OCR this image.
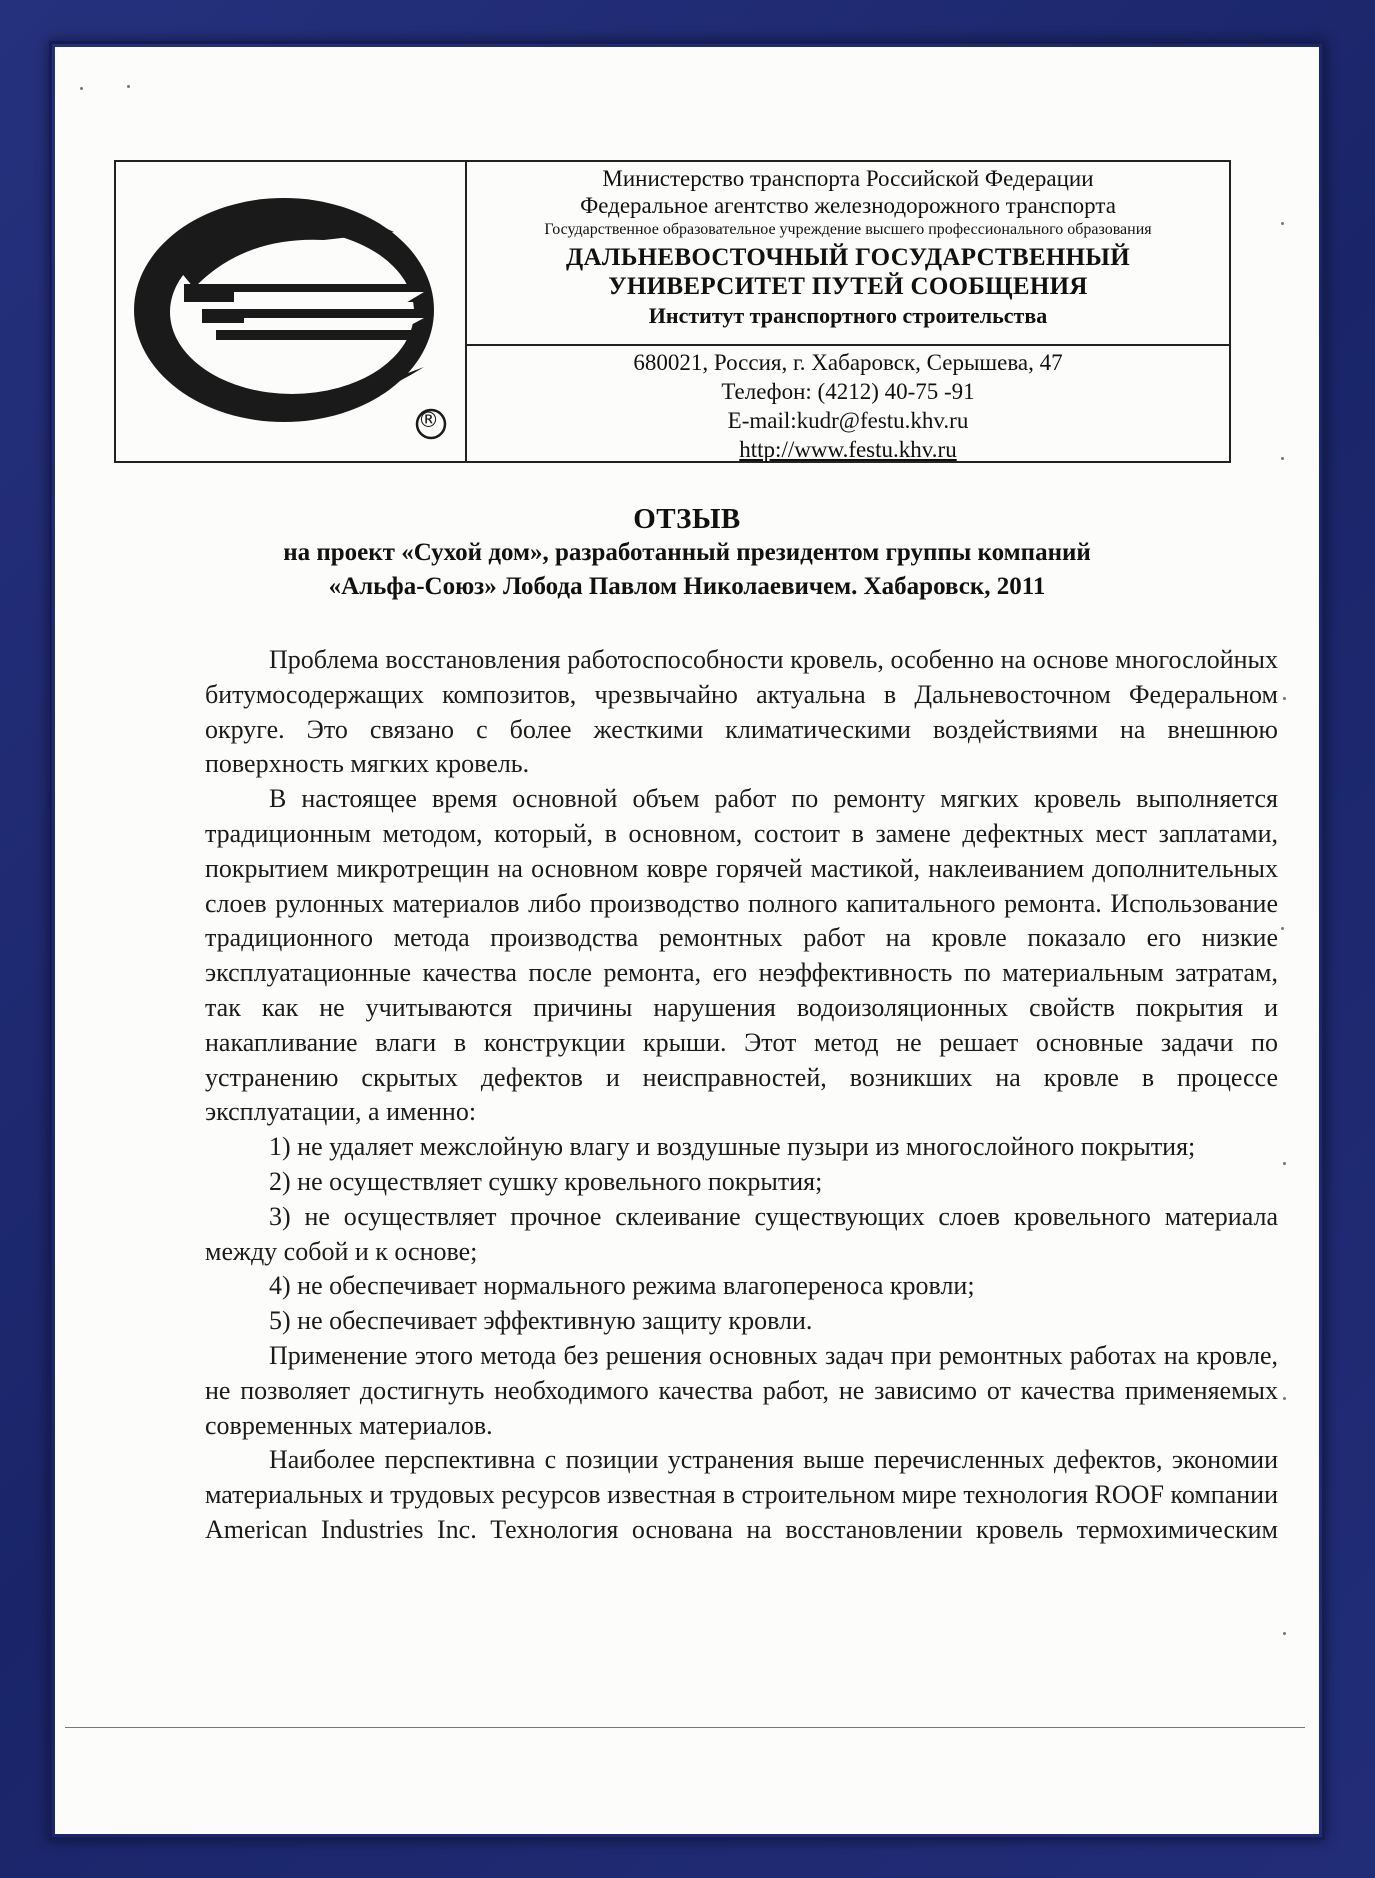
®
Министерство транспорта Российской Федерации
Федеральное агентство железнодорожного транспорта
Государственное образовательное учреждение высшего профессионального образования
ДАЛЬНЕВОСТОЧНЫЙ ГОСУДАРСТВЕННЫЙ
УНИВЕРСИТЕТ ПУТЕЙ СООБЩЕНИЯ
Институт транспортного строительства
680021, Россия, г. Хабаровск, Серышева, 47
Телефон: (4212) 40-75 -91
E-mail:kudr@festu.khv.ru
http://www.festu.khv.ru
ОТЗЫВ
на проект «Сухой дом», разработанный президентом группы компаний
«Альфа-Союз» Лобода Павлом Николаевичем. Хабаровск, 2011

Проблема восстановления работоспособности кровель, особенно на основе многослойных битумосодержащих композитов, чрезвычайно актуальна в Дальневосточном Федеральном округе. Это связано с более жесткими климатическими воздействиями на внешнюю поверхность мягких кровель.

В настоящее время основной объем работ по ремонту мягких кровель выполняется традиционным методом, который, в основном, состоит в замене дефектных мест заплатами, покрытием микротрещин на основном ковре горячей мастикой, наклеиванием дополнительных слоев рулонных материалов либо производство полного капитального ремонта. Использование традиционного метода производства ремонтных работ на кровле показало его низкие эксплуатационные качества после ремонта, его неэффективность по материальным затратам, так как не учитываются причины нарушения водоизоляционных свойств покрытия и накапливание влаги в конструкции крыши. Этот метод не решает основные задачи по устранению скрытых дефектов и неисправностей, возникших на кровле в процессе эксплуатации, а именно:

1) не удаляет межслойную влагу и воздушные пузыри из многослойного покрытия;

2) не осуществляет сушку кровельного покрытия;

3) не осуществляет прочное склеивание существующих слоев кровельного материала между собой и к основе;

4) не обеспечивает нормального режима влагопереноса кровли;

5) не обеспечивает эффективную защиту кровли.

Применение этого метода без решения основных задач при ремонтных работах на кровле, не позволяет достигнуть необходимого качества работ, не зависимо от качества применяемых современных материалов.

Наиболее перспективна с позиции устранения выше перечисленных дефектов, экономии материальных и трудовых ресурсов известная в строительном мире технология ROOF компании American Industries Inc. Технология основана на восстановлении кровель термохимическим
